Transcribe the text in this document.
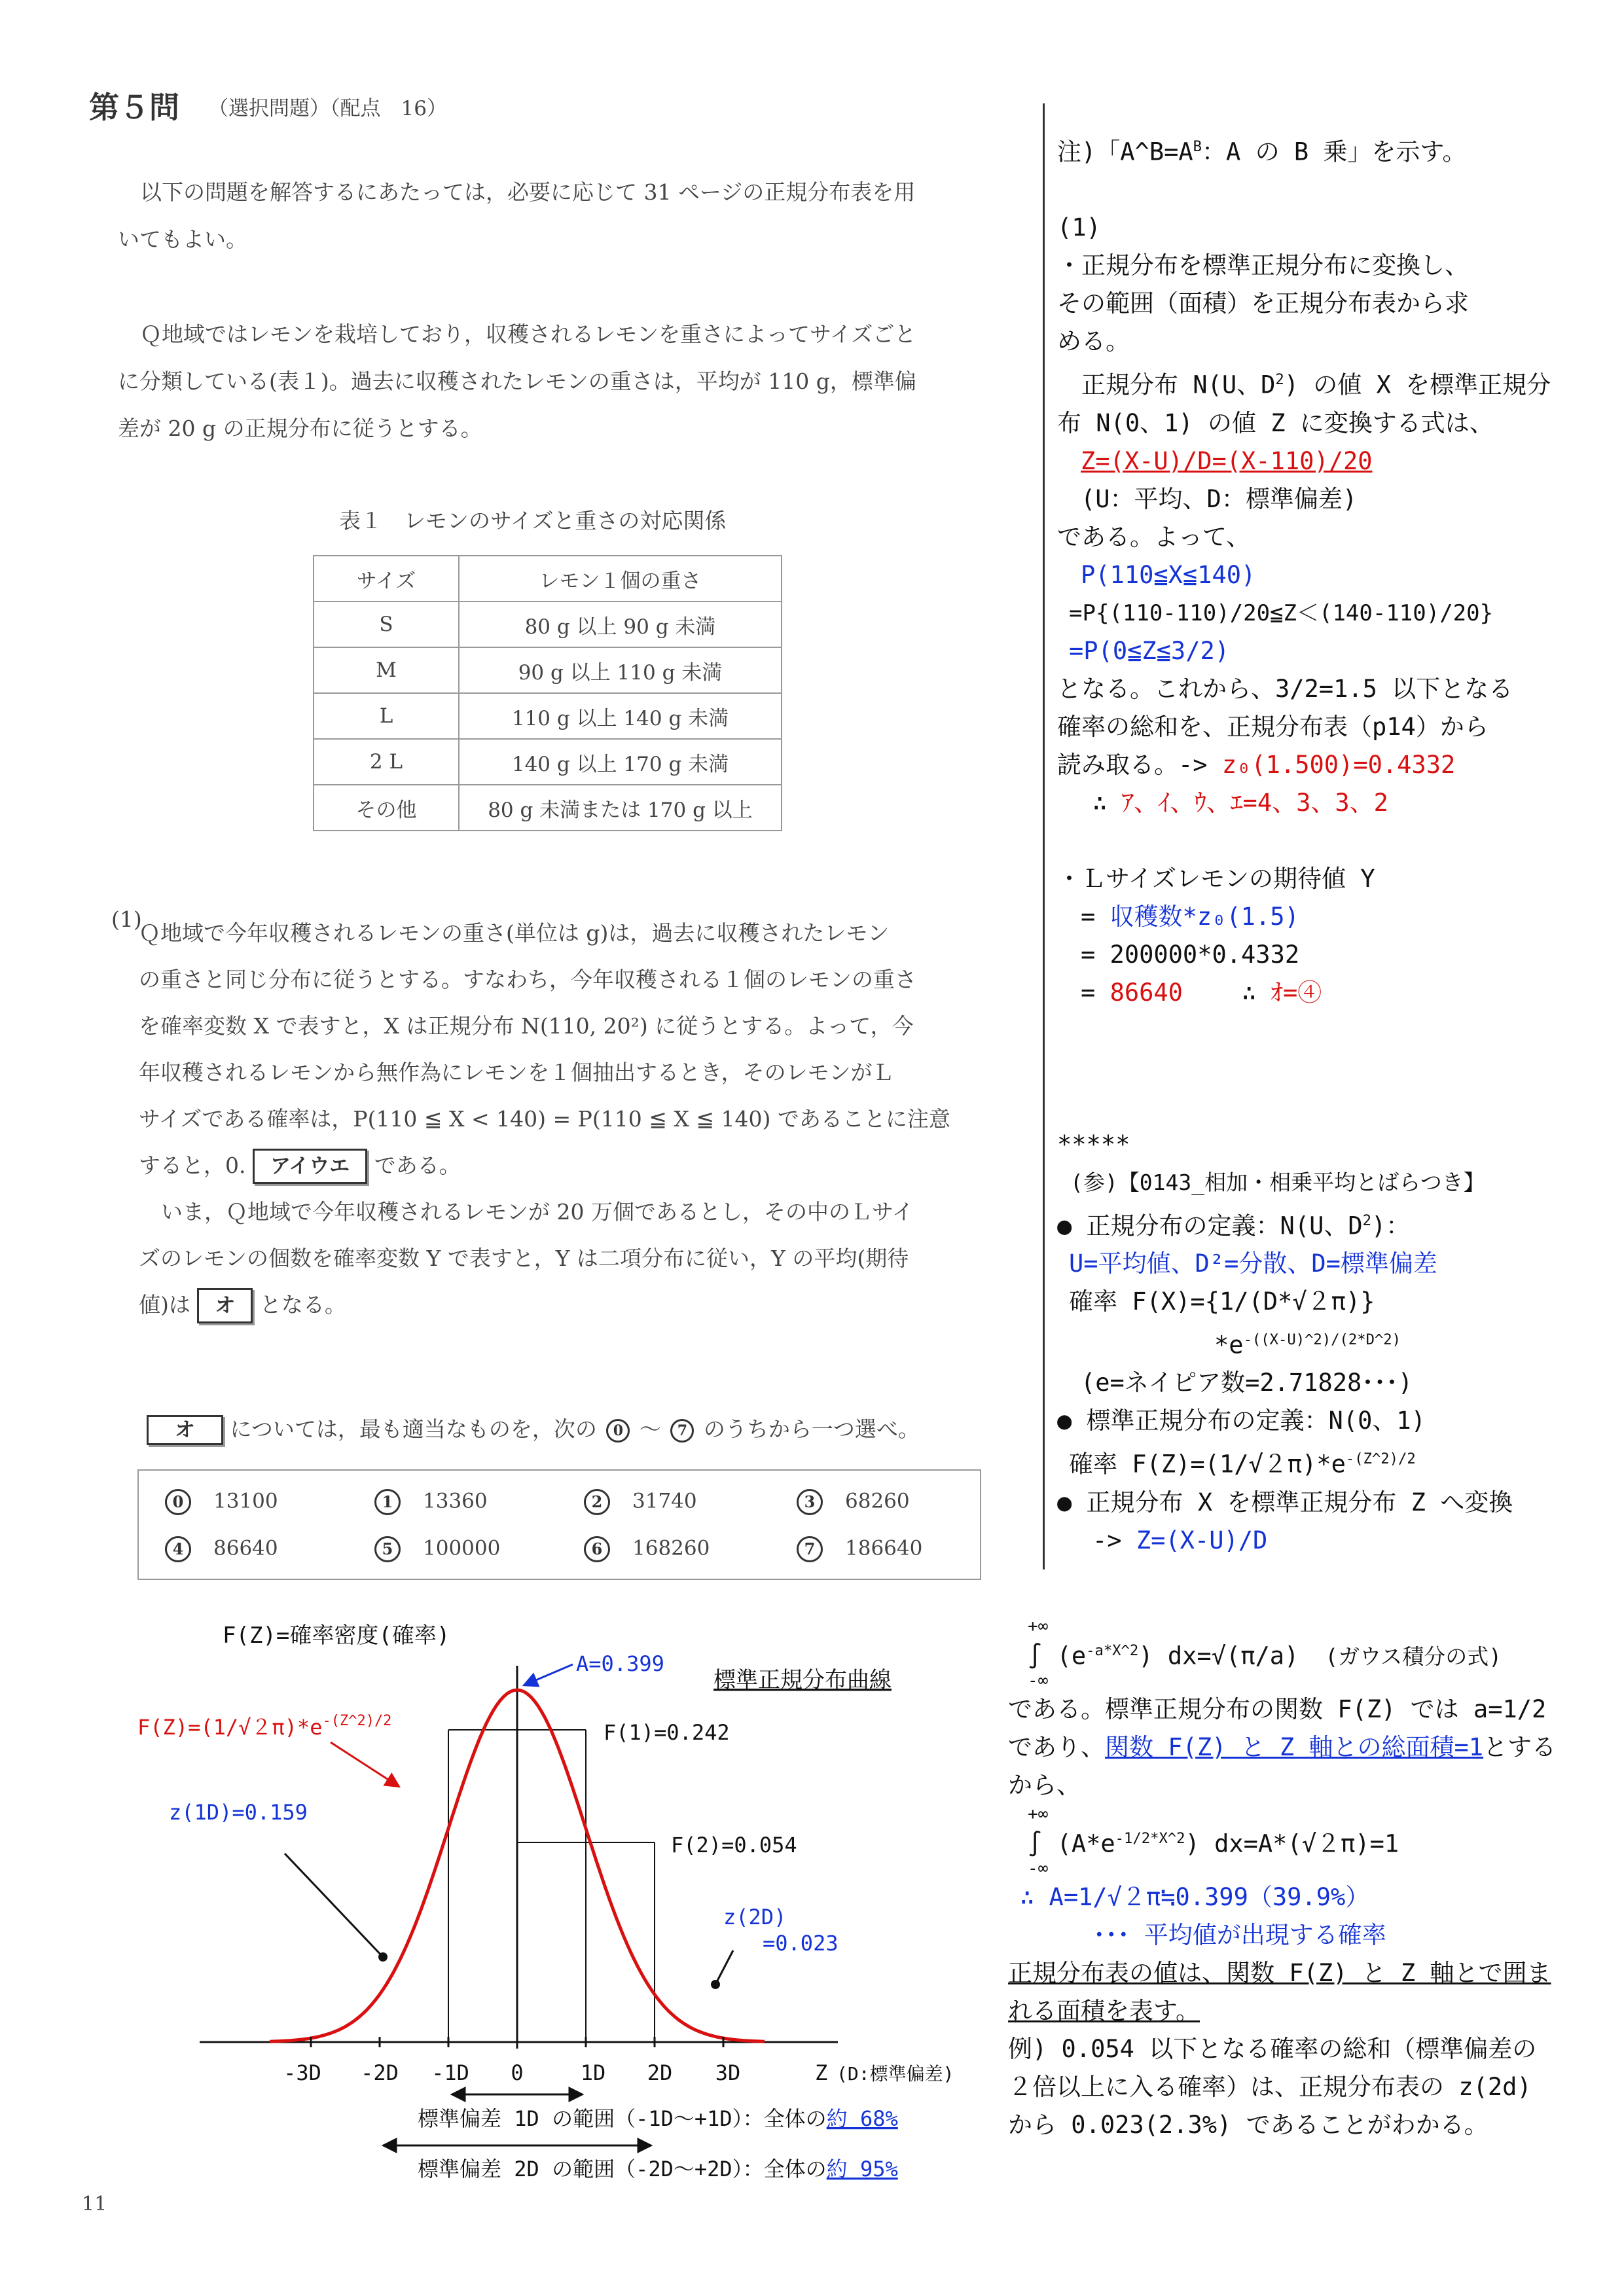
第５問 （選択問題）（配点　16）
以下の問題を解答するにあたっては，必要に応じて 31 ページの正規分布表を用
いてもよい。
Ｑ地域ではレモンを栽培しており，収穫されるレモンを重さによってサイズごと
に分類している(表１)。過去に収穫されたレモンの重さは，平均が 110 g，標準偏
差が 20 g の正規分布に従うとする。
表１　レモンのサイズと重さの対応関係
サイズ	レモン１個の重さ
S	80 g 以上 90 g 未満
M	90 g 以上 110 g 未満
L	110 g 以上 140 g 未満
2 L	140 g 以上 170 g 未満
その他	80 g 未満または 170 g 以上
(1)
Ｑ地域で今年収穫されるレモンの重さ(単位は g)は，過去に収穫されたレモン
の重さと同じ分布に従うとする。すなわち，今年収穫される１個のレモンの重さ
を確率変数 X で表すと，X は正規分布 N(110, 20²) に従うとする。よって，今
年収穫されるレモンから無作為にレモンを１個抽出するとき，そのレモンがＬ
サイズである確率は，P(110 ≦ X < 140) = P(110 ≦ X ≦ 140) であることに注意
すると，0. アイウエ である。
いま，Ｑ地域で今年収穫されるレモンが 20 万個であるとし，その中のＬサイ
ズのレモンの個数を確率変数 Y で表すと，Y は二項分布に従い，Y の平均(期待
値)は オ となる。
オ については，最も適当なものを，次の 0 ～ 7 のうちから一つ選べ。
0 13100	1 13360	2 31740	3 68260
4 86640	5 100000	6 168260	7 186640
注)「$A\^{}B=A^B$：A の B 乗」を示す。
(1)
・正規分布を標準正規分布に変換し、
その範囲（面積）を正規分布表から求
める。
　正規分布 N(U、$D^2$) の値 X を標準正規分
布 N(0、1) の値 Z に変換する式は、
Z=(X-U)/D=(X-110)/20
(U：平均、D：標準偏差)
である。よって、
P(110≦X≦140)
=P{(110-110)/20≦Z＜(140-110)/20}
=P(0≦Z≦3/2)
となる。これから、3/2=1.5 以下となる
確率の総和を、正規分布表（p14）から
読み取る。-> z₀(1.500)=0.4332
∴ ｱ、ｲ、ｳ、ｴ=4、3、3、2
・Ｌサイズレモンの期待値 Y
= 収穫数*z₀(1.5)
= 200000*0.4332
= 86640 ∴ ｵ=④
*****
(参)【0143_相加・相乗平均とばらつき】
● 正規分布の定義：N(U、$D^2$)：
U=平均値、D²=分散、D=標準偏差
確率 F(X)={1/(D*√２π)}
$*e^{-((X-U)\^{}2)/(2*D\^{}2)}$
(e=ネイピア数=2.71828･･･)
● 標準正規分布の定義：N(0、1)
確率 $F(Z)=(1/√2\pi)*e^{-(Z\^{}2)/2}$
● 正規分布 X を標準正規分布 Z へ変換
-> Z=(X-U)/D
+∞
∫ $(e^{-a*X\^{}2})$ dx=√(π/a) (ガウス積分の式)
-∞
である。標準正規分布の関数 F(Z) では a=1/2
であり、関数 F(Z) と Z 軸との総面積=1とする
から、
+∞
∫ $(A*e^{-1/2*X\^{}2})$ dx=A*(√２π)=1
-∞
∴ A=1/√２π≒0.399（39.9%）
･･･ 平均値が出現する確率
正規分布表の値は、関数 F(Z) と Z 軸とで囲ま
れる面積を表す。
例) 0.054 以下となる確率の総和（標準偏差の
２倍以上に入る確率）は、正規分布表の z(2d)
から 0.023(2.3%) であることがわかる。
-3D -2D -1D 0	1D 2D 3D	Z (D:標準偏差)
F(Z)=確率密度(確率)
標準正規分布曲線
A=0.399
F(1)=0.242
F(2)=0.054
$F(Z)=(1/√2\pi)*e^{-(Z\^{}2)/2}$
z(1D)=0.159
z(2D)
=0.023
標準偏差 1D の範囲（-1D～+1D）：全体の約 68%
標準偏差 2D の範囲（-2D～+2D）：全体の約 95%
11
